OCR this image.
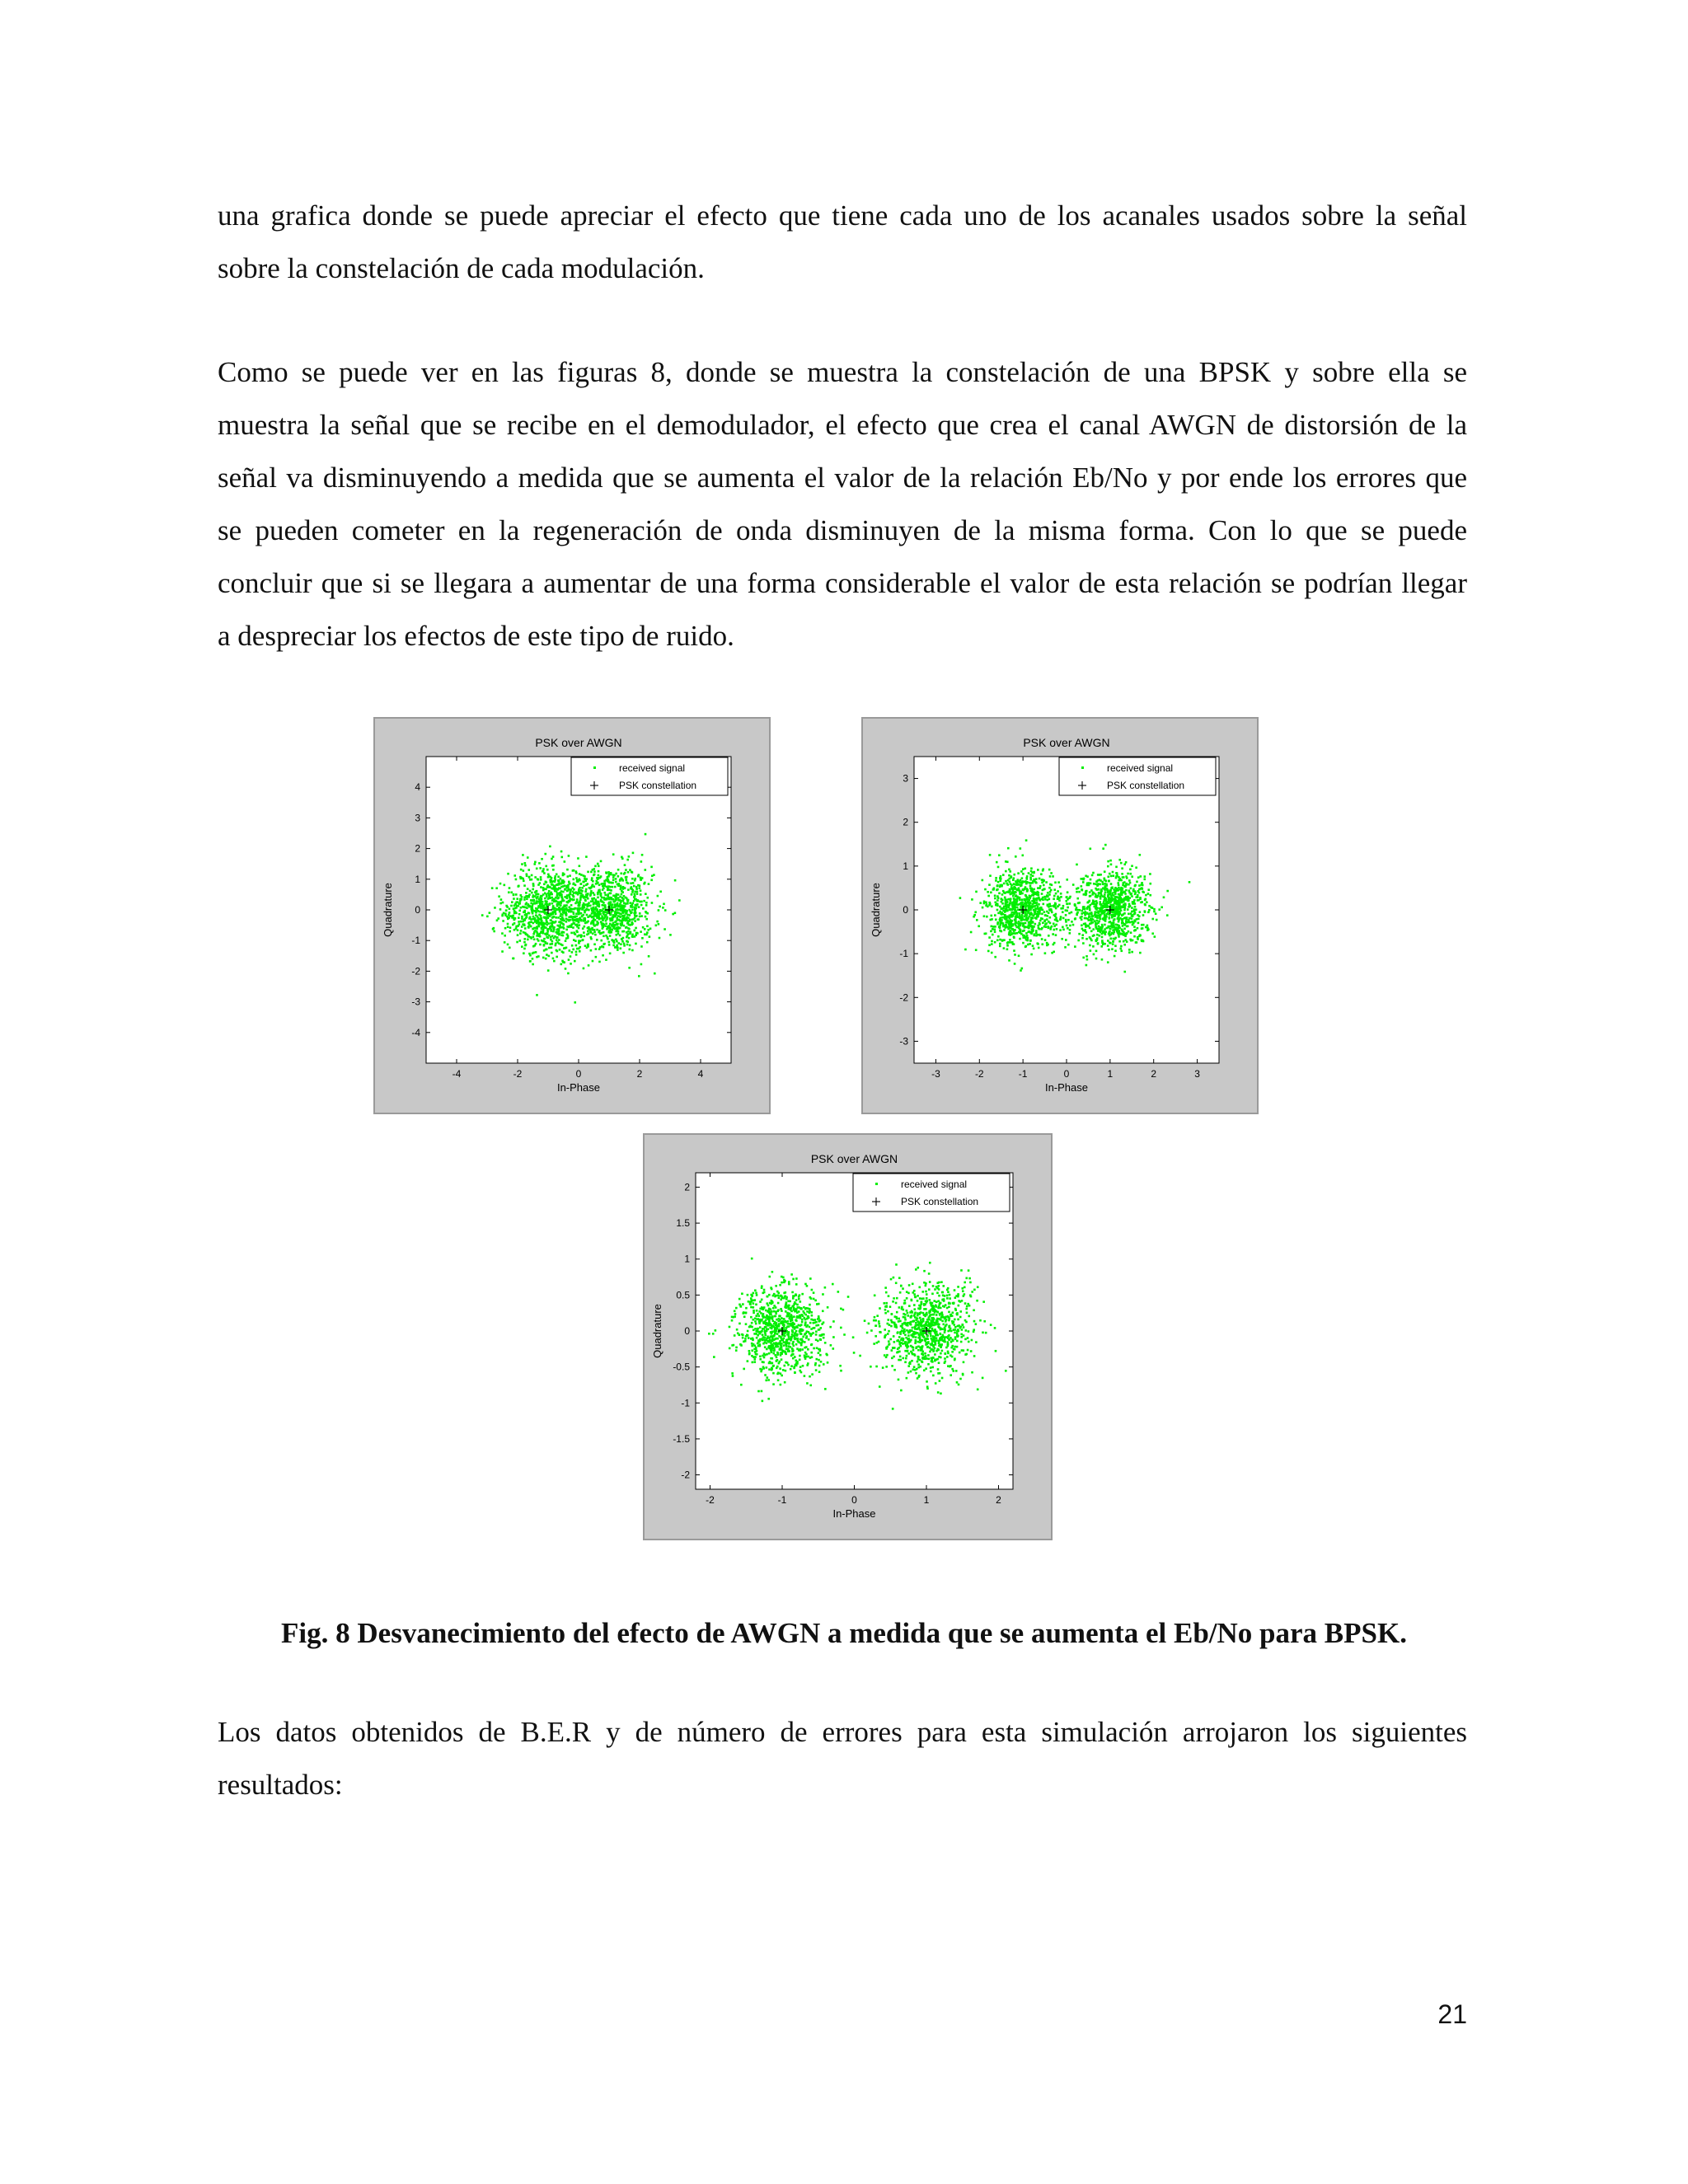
una grafica donde se puede apreciar el efecto que tiene cada uno de los acanales usados sobre la señal
sobre la constelación de cada modulación.
Como se puede ver en las figuras 8, donde se muestra la constelación de una BPSK y sobre ella se
muestra la señal que se recibe en el demodulador, el efecto que crea el canal AWGN de distorsión de la
señal va disminuyendo a medida que se aumenta el valor de la relación Eb/No y por ende los errores que
se pueden cometer en la regeneración de onda disminuyen de la misma forma. Con lo que se puede
concluir que si se llegara a aumentar de una forma considerable el valor de esta relación se podrían llegar
a despreciar los efectos de este tipo de ruido.
PSK over AWGN
-4	-2	0	2	4
-4
-3
-2
-1
0
1
2
3
4
In-Phase
Quadrature
received signal
PSK constellation
PSK over AWGN
-3	-2	-1	0	1	2	3
-3
-2
-1
0
1
2
3
In-Phase
Quadrature
received signal
PSK constellation
PSK over AWGN
-2	-1	0	1	2
-2
-1.5
-1
-0.5
0
0.5
1
1.5
2
In-Phase
Quadrature
received signal
PSK constellation
Fig. 8 Desvanecimiento del efecto de AWGN a medida que se aumenta el Eb/No para BPSK.
Los datos obtenidos de B.E.R y de número de errores para esta simulación arrojaron los siguientes
resultados:
21
